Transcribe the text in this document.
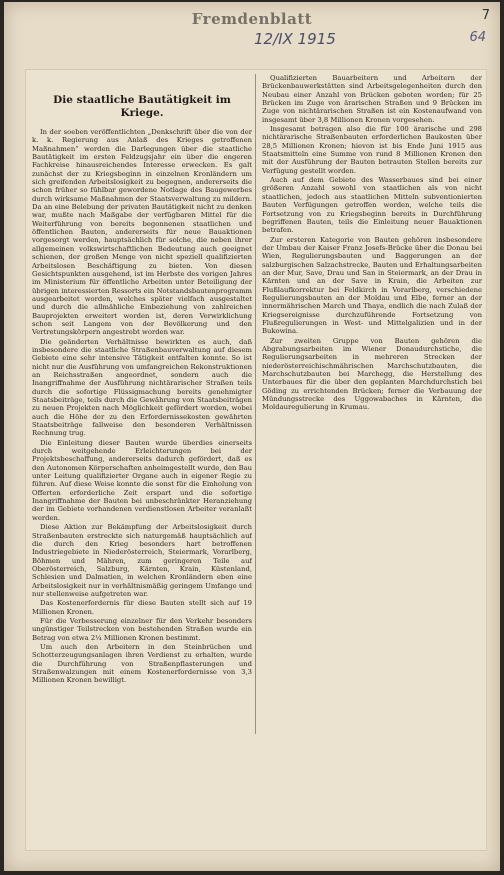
Fremdenblatt
12/IX 1915
7
64
Die staatliche Bautätigkeit im Kriege.

In der soeben veröffentlichten „Denkschrift über die von der k. k. Regierung aus Anlaß des Krieges getroffenen Maßnahmen“ werden die Darlegungen über die staatliche Bautätigkeit im ersten Feldzugsjahr ein über die engeren Fachkreise hinausreichendes Interesse erwecken. Es galt zunächst der zu Kriegsbeginn in einzelnen Kronländern um sich greifenden Arbeitslosigkeit zu begegnen, andererseits die schon früher so fühlbar gewordene Notlage des Baugewerbes durch wirksame Maßnahmen der Staatsverwaltung zu mildern. Da an eine Belebung der privaten Bautätigkeit nicht zu denken war, mußte nach Maßgabe der verfügbaren Mittel für die Weiterführung von bereits begonnenen staatlichen und öffentlichen Bauten, andererseits für neue Bauaktionen vorgesorgt werden, hauptsächlich für solche, die neben ihrer allgemeinen volkswirtschaftlichen Bedeutung auch geeignet schienen, der großen Menge von nicht speziell qualifizierten Arbeitslosen Beschäftigung zu bieten. Von diesen Gesichtspunkten ausgehend, ist im Herbste des vorigen Jahres im Ministerium für öffentliche Arbeiten unter Beteiligung der übrigen interessierten Ressorts ein Notstandsbautenprogramm ausgearbeitet worden, welches später vielfach ausgestaltet und durch die allmähliche Einbeziehung von zahlreichen Bauprojekten erweitert worden ist, deren Verwirklichung schon seit Langem von der Bevölkerung und den Vertretungskörpern angestrebt worden war.

Die geänderten Verhältnisse bewirkten es auch, daß insbesondere die staatliche Straßenbauverwaltung auf diesem Gebiete eine sehr intensive Tätigkeit entfalten konnte. So ist nicht nur die Ausführung von umfangreichen Rekonstruktionen an Reichsstraßen angeordnet, sondern auch die Inangriffnahme der Ausführung nichtärarischer Straßen teils durch die sofortige Flüssigmachung bereits genehmigter Staatsbeiträge, teils durch die Gewährung von Staatsbeiträgen zu neuen Projekten nach Möglichkeit gefördert worden, wobei auch die Höhe der zu den Erfordernissekosten gewährten Staatsbeiträge fallweise den besonderen Verhältnissen Rechnung trug.

Die Einleitung dieser Bauten wurde überdies einerseits durch weitgehende Erleichterungen bei der Projektsbeschaffung, andererseits dadurch gefördert, daß es den Autonomen Körperschaften anheimgestellt wurde, den Bau unter Leitung qualifizierter Organe auch in eigener Regie zu führen. Auf diese Weise konnte die sonst für die Einholung von Offerten erforderliche Zeit erspart und die sofortige Inangriffnahme der Bauten bei unbeschränkter Heranziehung der im Gebiete vorhandenen verdienstlosen Arbeiter veranlaßt werden.

Diese Aktion zur Bekämpfung der Arbeitslosigkeit durch Straßenbauten erstreckte sich naturgemäß hauptsächlich auf die durch den Krieg besonders hart betroffenen Industriegebiete in Niederösterreich, Steiermark, Vorarlberg, Böhmen und Mähren, zum geringeren Teile auf Oberösterreich, Salzburg, Kärnten, Krain, Küstenland, Schlesien und Dalmatien, in welchen Kronländern eben eine Arbeitslosigkeit nur in verhältnismäßig geringem Umfange und nur stellenweise aufgetreten war.

Das Kostenerfordernis für diese Bauten stellt sich auf 19 Millionen Kronen.

Für die Verbesserung einzelner für den Verkehr besonders ungünstiger Teilstrecken von bestehenden Straßen wurde ein Betrag von etwa 2¼ Millionen Kronen bestimmt.

Um auch den Arbeitern in den Steinbrüchen und Schotterzeugungsanlagen ihren Verdienst zu erhalten, wurde die Durchführung von Straßenpflasterungen und Straßenwalzungen mit einem Kostenerfordernisse von 3,3 Millionen Kronen bewilligt.

Qualifizierten Bauarbeitern und Arbeitern der Brückenbauwerkstätten sind Arbeitsgelegenheiten durch den Neubau einer Anzahl von Brücken geboten worden; für 25 Brücken im Zuge von ärarischen Straßen und 9 Brücken im Zuge von nichtärarischen Straßen ist ein Kostenaufwand von insgesamt über 3,8 Millionen Kronen vorgesehen.

Insgesamt betragen also die für 100 ärarische und 298 nichtärarische Straßenbauten erforderlichen Baukosten über 28,5 Millionen Kronen; hievon ist bis Ende Juni 1915 aus Staatsmitteln eine Summe von rund 8 Millionen Kronen den mit der Ausführung der Bauten betrauten Stellen bereits zur Verfügung gestellt worden.

Auch auf dem Gebiete des Wasserbaues sind bei einer größeren Anzahl sowohl von staatlichen als von nicht staatlichen, jedoch aus staatlichen Mitteln subventionierten Bauten Verfügungen getroffen worden, welche teils die Fortsetzung von zu Kriegsbeginn bereits in Durchführung begriffenen Bauten, teils die Einleitung neuer Bauaktionen betrafen.

Zur ersteren Kategorie von Bauten gehören insbesondere der Umbau der Kaiser Franz Josefs-Brücke über die Donau bei Wien, Regulierungsbauten und Baggerungen an der salzburgischen Salzachstrecke, Bauten und Erhaltungsarbeiten an der Mur, Save, Drau und San in Steiermark, an der Drau in Kärnten und an der Save in Krain, die Arbeiten zur Flußlaufkorrektur bei Feldkirch in Vorarlberg, verschiedene Regulierungsbauten an der Moldau und Elbe, ferner an der innermährischen March und Thaya, endlich die nach Zulaß der Kriegsereignisse durchzuführende Fortsetzung von Flußregulierungen in West- und Mittelgalizien und in der Bukowina.

Zur zweiten Gruppe von Bauten gehören die Abgrabungsarbeiten im Wiener Donaudurchstiche, die Regulierungsarbeiten in mehreren Strecken der niederösterreichischmährischen Marchschutzbauten, die Marchschutzbauten bei Marchegg, die Herstellung des Unterbaues für die über den geplanten Marchdurchstich bei Göding zu errichtenden Brücken; ferner die Verbauung der Mündungsstrecke des Uggowabaches in Kärnten, die Moldauregulierung in Krumau.
